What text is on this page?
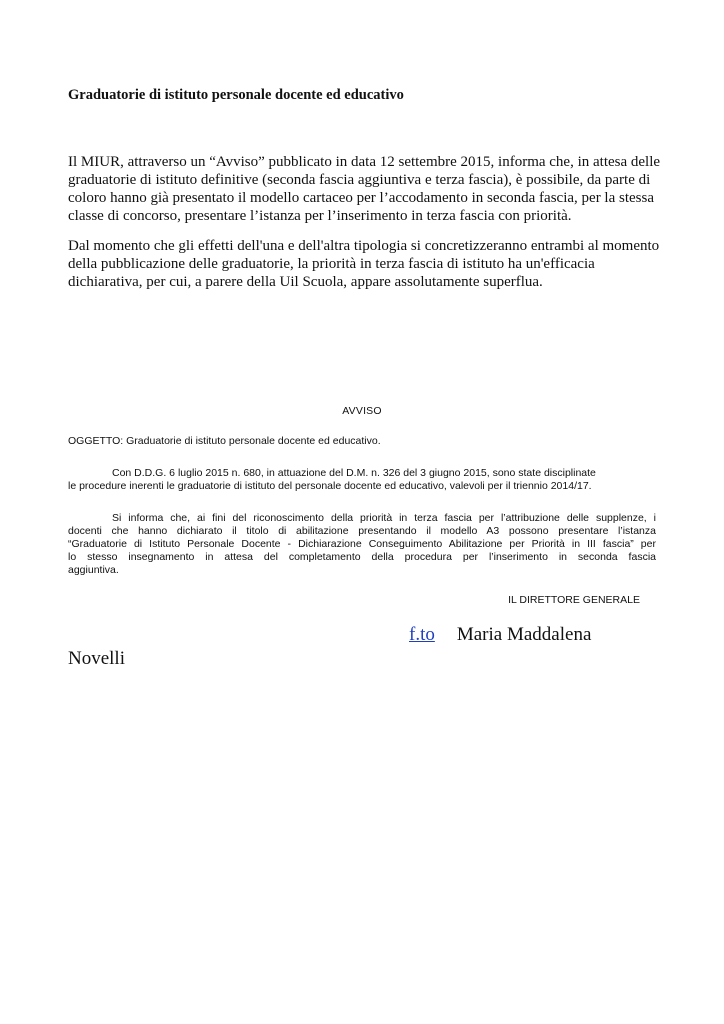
Graduatorie di istituto personale docente ed educativo

Il MIUR, attraverso un “Avviso” pubblicato in data 12 settembre 2015, informa che, in attesa delle
graduatorie di istituto definitive (seconda fascia aggiuntiva e terza fascia), è possibile, da parte di
coloro hanno già presentato il modello cartaceo per l’accodamento in seconda fascia, per la stessa
classe di concorso, presentare l’istanza per l’inserimento in terza fascia con priorità.

Dal momento che gli effetti dell'una e dell'altra tipologia si concretizzeranno entrambi al momento
della pubblicazione delle graduatorie, la priorità in terza fascia di istituto ha un'efficacia
dichiarativa, per cui, a parere della Uil Scuola, appare assolutamente superflua.

AVVISO

OGGETTO: Graduatorie di istituto personale docente ed educativo.

Con D.D.G. 6 luglio 2015 n. 680, in attuazione del D.M. n. 326 del 3 giugno 2015, sono state disciplinate
le procedure inerenti le graduatorie di istituto del personale docente ed educativo, valevoli per il triennio 2014/17.

Si informa che, ai fini del riconoscimento della priorità in terza fascia per l’attribuzione delle supplenze, i
docenti che hanno dichiarato il titolo di abilitazione presentando il modello A3 possono presentare l’istanza
“Graduatorie di Istituto Personale Docente - Dichiarazione Conseguimento Abilitazione per Priorità in III fascia” per
lo stesso insegnamento in attesa del completamento della procedura per l’inserimento in seconda fascia
aggiuntiva.

IL DIRETTORE GENERALE
f.to Maria Maddalena
Novelli
